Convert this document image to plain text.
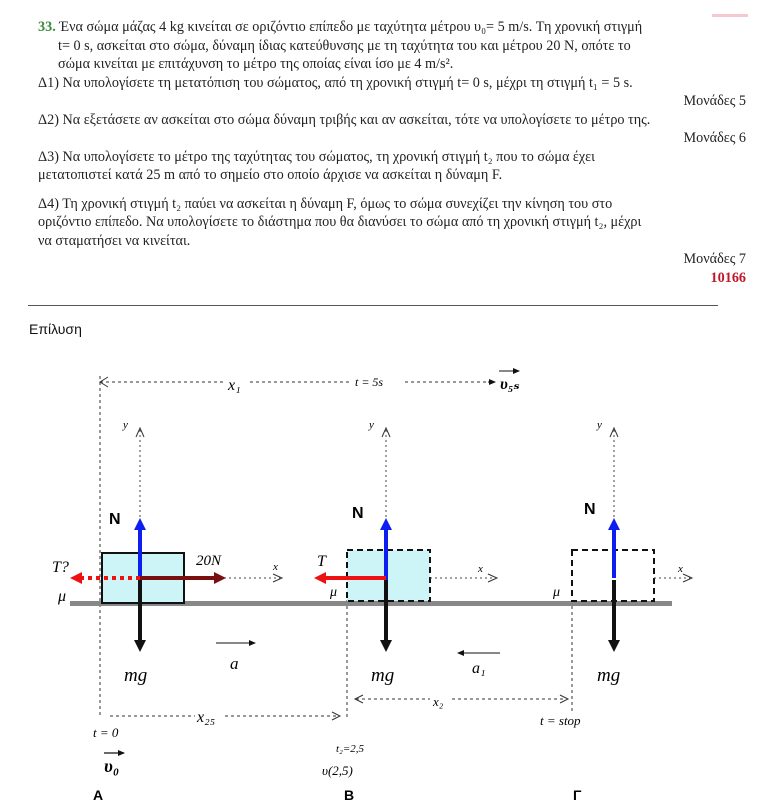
33. Ένα σώμα μάζας 4 kg κινείται σε οριζόντιο επίπεδο με ταχύτητα μέτρου υ₀= 5 m/s. Τη χρονική στιγμή
t= 0 s, ασκείται στο σώμα, δύναμη ίδιας κατεύθυνσης με τη ταχύτητα του και μέτρου 20 N, οπότε το
σώμα κινείται με επιτάχυνση το μέτρο της οποίας είναι ίσο με 4 m/s².
Δ1) Να υπολογίσετε τη μετατόπιση του σώματος, από τη χρονική στιγμή t= 0 s, μέχρι τη στιγμή t₁ = 5 s.
Μονάδες 5
Δ2) Να εξετάσετε αν ασκείται στο σώμα δύναμη τριβής και αν ασκείται, τότε να υπολογίσετε το μέτρο της.
Μονάδες 6
Δ3) Να υπολογίσετε το μέτρο της ταχύτητας του σώματος, τη χρονική στιγμή t₂ που το σώμα έχει
μετατοπιστεί κατά 25 m από το σημείο στο οποίο άρχισε να ασκείται η δύναμη F.
Δ4) Τη χρονική στιγμή t₂ παύει να ασκείται η δύναμη F, όμως το σώμα συνεχίζει την κίνηση του στο
οριζόντιο επίπεδο. Να υπολογίσετε το διάστημα που θα διανύσει το σώμα από τη χρονική στιγμή t₂, μέχρι
να σταματήσει να κινείται.
Μονάδες 7
10166
Επίλυση
x₁	t = 5s	υ₅ₛ
y	y	y
x	x	x
N	N	N
mg	mg	mg
20N
T?
μ
T
μ	μ
a	a₁
x₂
x₂₅
t = 0
t = stop
t₂=2,5
υ(2,5)
υ₀
Α	Β	Γ
